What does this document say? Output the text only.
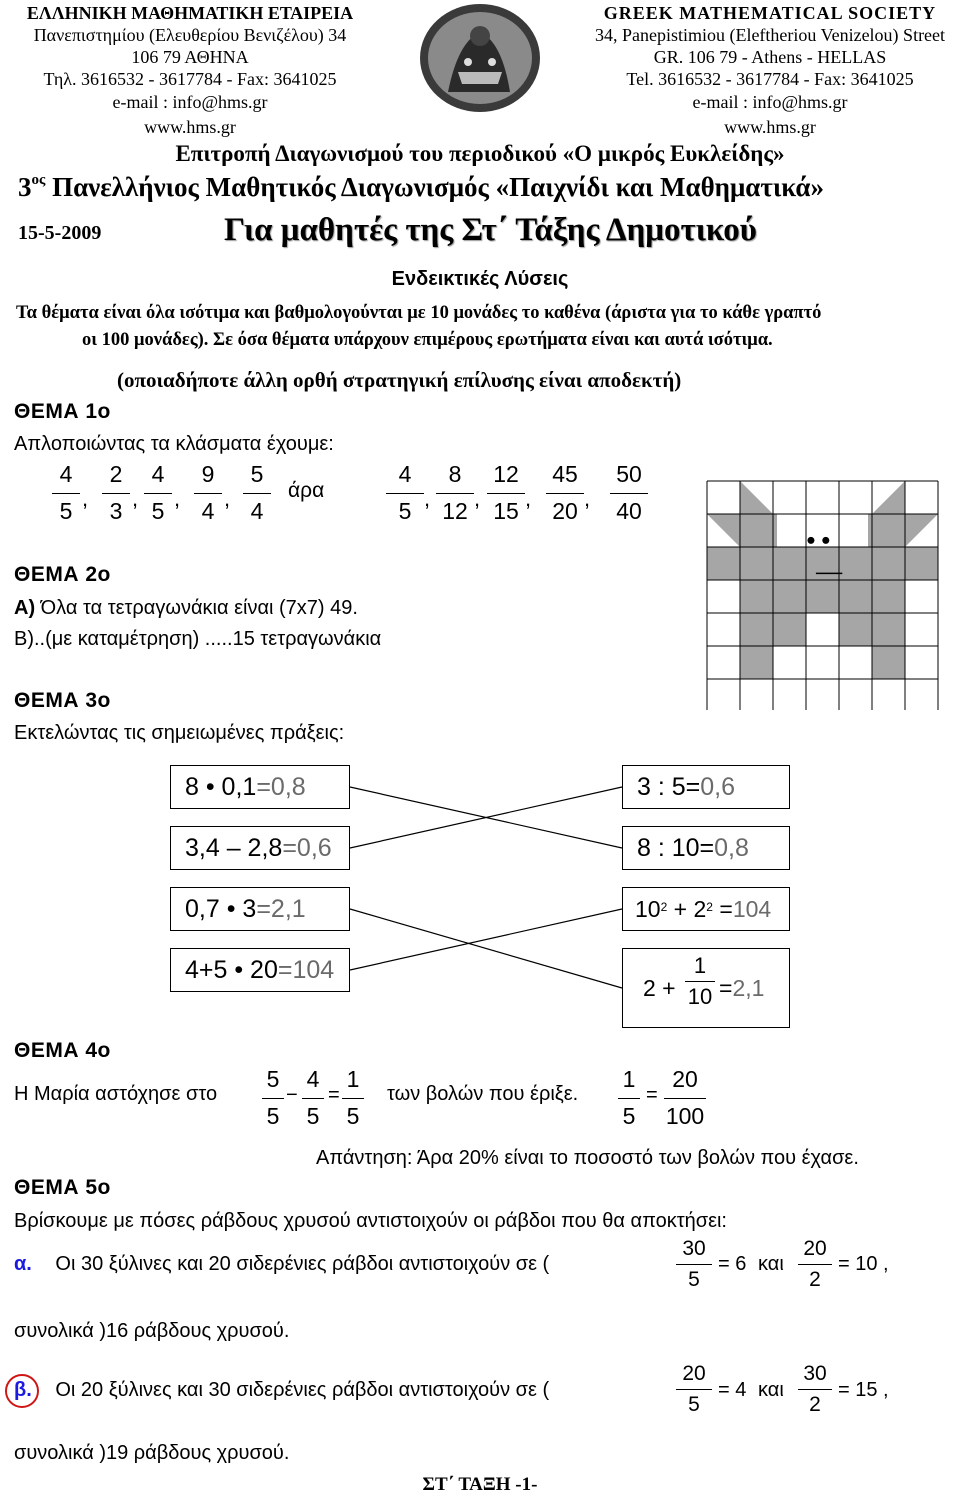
ΕΛΛΗΝΙΚΗ ΜΑΘΗΜΑΤΙΚΗ ΕΤΑΙΡΕΙΑ
Πανεπιστημίου (Ελευθερίου Βενιζέλου) 34
106 79 ΑΘΗΝΑ
Τηλ. 3616532 - 3617784 - Fax: 3641025
e-mail : info@hms.gr
www.hms.gr
GREEK MATHEMATICAL SOCIETY
34, Panepistimiou (Εleftheriou Venizelou) Street
GR. 106 79 - Athens - HELLAS
Tel. 3616532 - 3617784 - Fax: 3641025
e-mail : info@hms.gr
www.hms.gr
Επιτροπή Διαγωνισμού του περιοδικού «Ο μικρός Ευκλείδης»
$3^{o\varsigma}$ Πανελλήνιος Μαθητικός Διαγωνισμός «Παιχνίδι και Μαθηματικά»
15-5-2009	Για μαθητές της Στ΄ Τάξης Δημοτικού
Ενδεικτικές Λύσεις
Τα θέματα είναι όλα ισότιμα και βαθμολογούνται με 10 μονάδες το καθένα (άριστα για το κάθε γραπτό
οι 100 μονάδες). Σε όσα θέματα υπάρχουν επιμέρους ερωτήματα είναι και αυτά ισότιμα.
(οποιαδήποτε άλλη ορθή στρατηγική επίλυσης είναι αποδεκτή)
ΘΕΜΑ 1ο
Απλοποιώντας τα κλάσματα έχουμε:
4
5 ,
2
3 ,
4
5 ,
9
4 ,
5
4
άρα
4
5 ,
8
12 ,
12
15 ,
45
20 ,
50
40
ΘΕΜΑ 2ο
Α) Όλα τα τετραγωνάκια είναι (7x7) 49.
Β)..(με καταμέτρηση) .....15 τετραγωνάκια
ΘΕΜΑ 3ο
Εκτελώντας τις σημειωμένες πράξεις:
8 • 0,1=0,8
3,4 – 2,8=0,6
0,7 • 3=2,1
4+5 • 20=104
3 : 5=0,6
8 : 10=0,8
$10^2 + 2^2 =104$
2 +
1
10 =2,1
ΘΕΜΑ 4ο
Η Μαρία αστόχησε στο
5
5
−
4
5
=
1
5
των βολών που έριξε.
1
5
=
20
100
Απάντηση: Άρα 20% είναι το ποσοστό των βολών που έχασε.
ΘΕΜΑ 5ο
Βρίσκουμε με πόσες ράβδους χρυσού αντιστοιχούν οι ράβδοι που θα αποκτήσει:
α. Οι 30 ξύλινες και 20 σιδερένιες ράβδοι αντιστοιχούν σε (
30
5
= 6 και
20
2
= 10 ,
συνολικά )16 ράβδους χρυσού.
β. Οι 20 ξύλινες και 30 σιδερένιες ράβδοι αντιστοιχούν σε (
20
5
= 4 και
30
2
= 15 ,
συνολικά )19 ράβδους χρυσού.
ΣΤ΄ ΤΑΞΗ -1-
